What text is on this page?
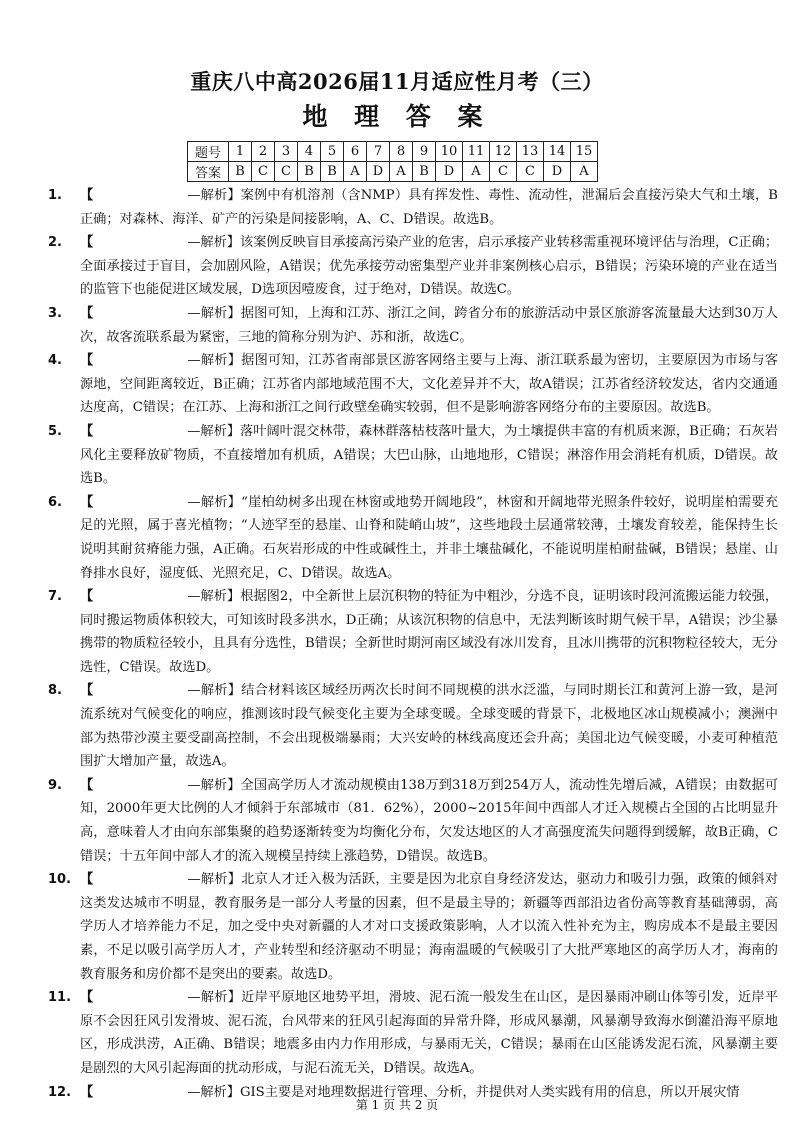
重庆八中高2026届11月适应性月考（三）
地 理 答 案
题号	1	2	3	4	5	6	7	8	9	10	11	12	13	14	15
答案	B	C	C	B	B	A	D	A	B	D	A	C	C	D	A
1. 【	—解析】案例中有机溶剂（含NMP）具有挥发性、毒性、流动性，泄漏后会直接污染大气和土壤，B正确；对森林、海洋、矿产的污染是间接影响，A、C、D错误。故选B。
2. 【	—解析】该案例反映盲目承接高污染产业的危害，启示承接产业转移需重视环境评估与治理，C正确；全面承接过于盲目，会加剧风险，A错误；优先承接劳动密集型产业并非案例核心启示，B错误；污染环境的产业在适当的监管下也能促进区域发展，D选项因噎废食，过于绝对，D错误。故选C。
3. 【	—解析】据图可知，上海和江苏、浙江之间，跨省分布的旅游活动中景区旅游客流量最大达到30万人次，故客流联系最为紧密，三地的简称分别为沪、苏和浙，故选C。
4. 【	—解析】据图可知，江苏省南部景区游客网络主要与上海、浙江联系最为密切，主要原因为市场与客源地，空间距离较近，B正确；江苏省内部地域范围不大，文化差异并不大，故A错误；江苏省经济较发达，省内交通通达度高，C错误；在江苏、上海和浙江之间行政壁垒确实较弱，但不是影响游客网络分布的主要原因。故选B。
5. 【	—解析】落叶阔叶混交林带，森林群落枯枝落叶量大，为土壤提供丰富的有机质来源，B正确；石灰岩风化主要释放矿物质，不直接增加有机质，A错误；大巴山脉，山地地形，C错误；淋溶作用会消耗有机质，D错误。故选B。
6. 【	—解析】“崖柏幼树多出现在林窗或地势开阔地段”，林窗和开阔地带光照条件较好，说明崖柏需要充足的光照，属于喜光植物；“人迹罕至的悬崖、山脊和陡峭山坡”，这些地段土层通常较薄，土壤发育较差，能保持生长说明其耐贫瘠能力强，A正确。石灰岩形成的中性或碱性土，并非土壤盐碱化，不能说明崖柏耐盐碱，B错误；悬崖、山脊排水良好，湿度低、光照充足，C、D错误。故选A。
7. 【	—解析】根据图2，中全新世上层沉积物的特征为中粗沙，分选不良，证明该时段河流搬运能力较强，同时搬运物质体积较大，可知该时段多洪水，D正确；从该沉积物的信息中，无法判断该时期气候干旱，A错误；沙尘暴携带的物质粒径较小，且具有分选性，B错误；全新世时期河南区域没有冰川发育，且冰川携带的沉积物粒径较大，无分选性，C错误。故选D。
8. 【	—解析】结合材料该区域经历两次长时间不同规模的洪水泛滥，与同时期长江和黄河上游一致，是河流系统对气候变化的响应，推测该时段气候变化主要为全球变暖。全球变暖的背景下，北极地区冰山规模减小；澳洲中部为热带沙漠主要受副高控制，不会出现极端暴雨；大兴安岭的林线高度还会升高；美国北边气候变暖，小麦可种植范围扩大增加产量，故选A。
9. 【	—解析】全国高学历人才流动规模由138万到318万到254万人，流动性先增后减，A错误；由数据可知，2000年更大比例的人才倾斜于东部城市（81．62%），2000~2015年间中西部人才迁入规模占全国的占比明显升高，意味着人才由向东部集聚的趋势逐渐转变为均衡化分布，欠发达地区的人才高强度流失问题得到缓解，故B正确，C错误；十五年间中部人才的流入规模呈持续上涨趋势，D错误。故选B。
10. 【	—解析】北京人才迁入极为活跃，主要是因为北京自身经济发达，驱动力和吸引力强，政策的倾斜对这类发达城市不明显，教育服务是一部分人考量的因素，但不是最主导的；新疆等西部沿边省份高等教育基础薄弱，高学历人才培养能力不足，加之受中央对新疆的人才对口支援政策影响，人才以流入性补充为主，购房成本不是最主要因素，不足以吸引高学历人才，产业转型和经济驱动不明显；海南温暖的气候吸引了大批严寒地区的高学历人才，海南的教育服务和房价都不是突出的要素。故选D。
11. 【	—解析】近岸平原地区地势平坦，滑坡、泥石流一般发生在山区，是因暴雨冲刷山体等引发，近岸平原不会因狂风引发滑坡、泥石流，台风带来的狂风引起海面的异常升降，形成风暴潮，风暴潮导致海水倒灌沿海平原地区，形成洪涝，A正确、B错误；地震多由内力作用形成，与暴雨无关，C错误；暴雨在山区能诱发泥石流，风暴潮主要是剧烈的大风引起海面的扰动形成，与泥石流无关，D错误。故选A。
12. 【	—解析】GIS主要是对地理数据进行管理、分析，并提供对人类实践有用的信息，所以开展灾情
第 1 页 共 2 页
